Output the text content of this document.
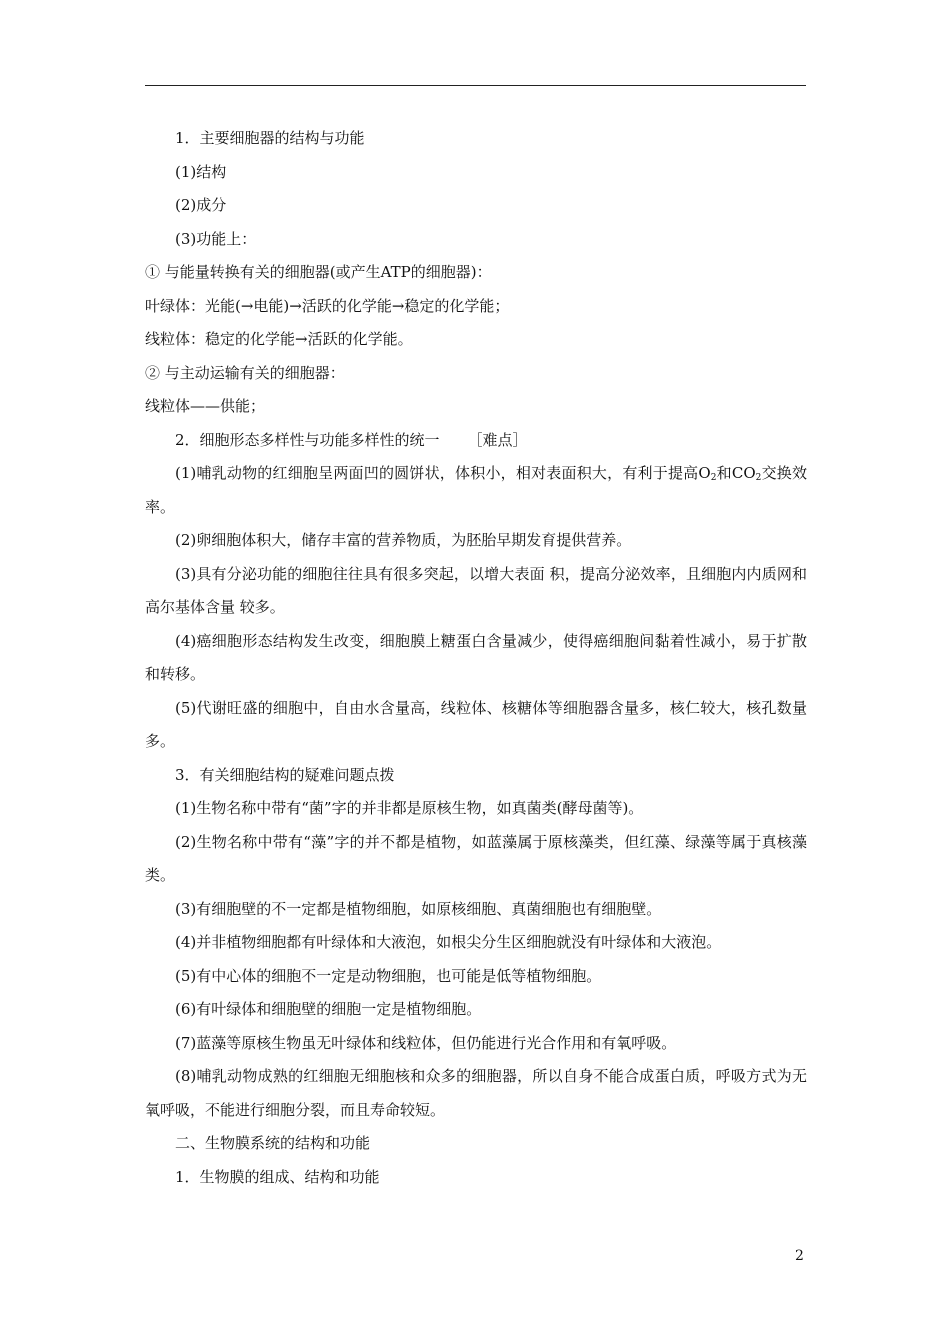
1．主要细胞器的结构与功能
(1)结构
(2)成分
(3)功能上：
① 与能量转换有关的细胞器(或产生ATP的细胞器)：
叶绿体：光能(→电能)→活跃的化学能→稳定的化学能；
线粒体：稳定的化学能→活跃的化学能。
② 与主动运输有关的细胞器：
线粒体——供能；
2．细胞形态多样性与功能多样性的统一 ［难点］
(1)哺乳动物的红细胞呈两面凹的圆饼状，体积小，相对表面积大，有利于提高$O_2$和$CO_2$交换效率。
(2)卵细胞体积大，储存丰富的营养物质，为胚胎早期发育提供营养。
(3)具有分泌功能的细胞往往具有很多突起，以增大表面 积，提高分泌效率，且细胞内内质网和高尔基体含量 较多。
(4)癌细胞形态结构发生改变，细胞膜上糖蛋白含量减少，使得癌细胞间黏着性减小，易于扩散和转移。
(5)代谢旺盛的细胞中，自由水含量高，线粒体、核糖体等细胞器含量多，核仁较大，核孔数量多。
3．有关细胞结构的疑难问题点拨
(1)生物名称中带有“菌”字的并非都是原核生物，如真菌类(酵母菌等)。
(2)生物名称中带有“藻”字的并不都是植物，如蓝藻属于原核藻类，但红藻、绿藻等属于真核藻类。
(3)有细胞壁的不一定都是植物细胞，如原核细胞、真菌细胞也有细胞壁。
(4)并非植物细胞都有叶绿体和大液泡，如根尖分生区细胞就没有叶绿体和大液泡。
(5)有中心体的细胞不一定是动物细胞，也可能是低等植物细胞。
(6)有叶绿体和细胞壁的细胞一定是植物细胞。
(7)蓝藻等原核生物虽无叶绿体和线粒体，但仍能进行光合作用和有氧呼吸。
(8)哺乳动物成熟的红细胞无细胞核和众多的细胞器，所以自身不能合成蛋白质，呼吸方式为无氧呼吸，不能进行细胞分裂，而且寿命较短。
二、生物膜系统的结构和功能
1．生物膜的组成、结构和功能
2
